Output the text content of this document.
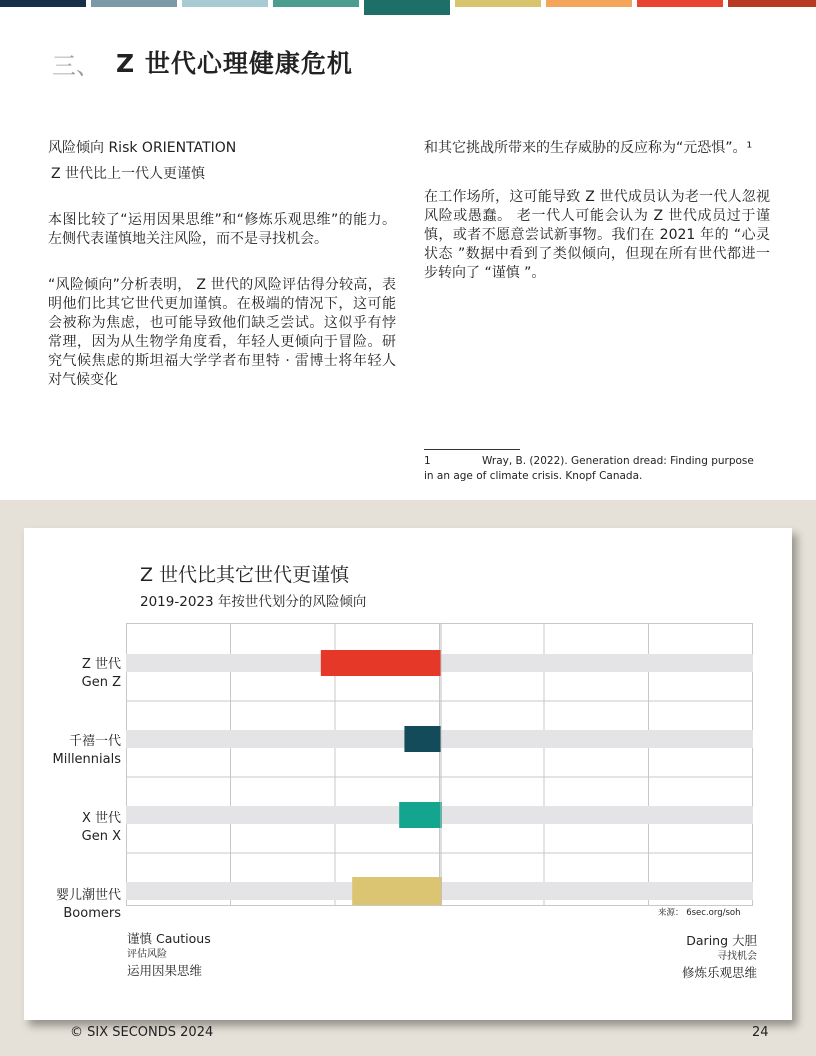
三、 Z 世代心理健康危机

风险倾向 Risk ORIENTATION

Z 世代比上一代人更谨慎

本图比较了“运用因果思维”和“修炼乐观思维”的能力。左侧代表谨慎地关注风险，而不是寻找机会。

“风险倾向”分析表明， Z 世代的风险评估得分较高，表明他们比其它世代更加谨慎。在极端的情况下，这可能会被称为焦虑，也可能导致他们缺乏尝试。这似乎有悖常理，因为从生物学角度看，年轻人更倾向于冒险。研究气候焦虑的斯坦福大学学者布里特 · 雷博士将年轻人对气候变化

和其它挑战所带来的生存威胁的反应称为“元恐惧”。¹

在工作场所，这可能导致 Z 世代成员认为老一代人忽视风险或愚蠢。 老一代人可能会认为 Z 世代成员过于谨慎，或者不愿意尝试新事物。我们在 2021 年的 “心灵状态 ”数据中看到了类似倾向，但现在所有世代都进一步转向了 “谨慎 ”。

1	Wray, B. (2022). Generation dread: Finding purpose in an age of climate crisis. Knopf Canada.
Z 世代比其它世代更谨慎
2019-2023 年按世代划分的风险倾向
Z 世代
Gen Z
千禧一代
Millennials
X 世代
Gen X
婴儿潮世代
Boomers	来源： 6sec.org/soh
谨慎 Cautious
评估风险
运用因果思维
Daring 大胆
寻找机会
修炼乐观思维
© SIX SECONDS 2024	24
